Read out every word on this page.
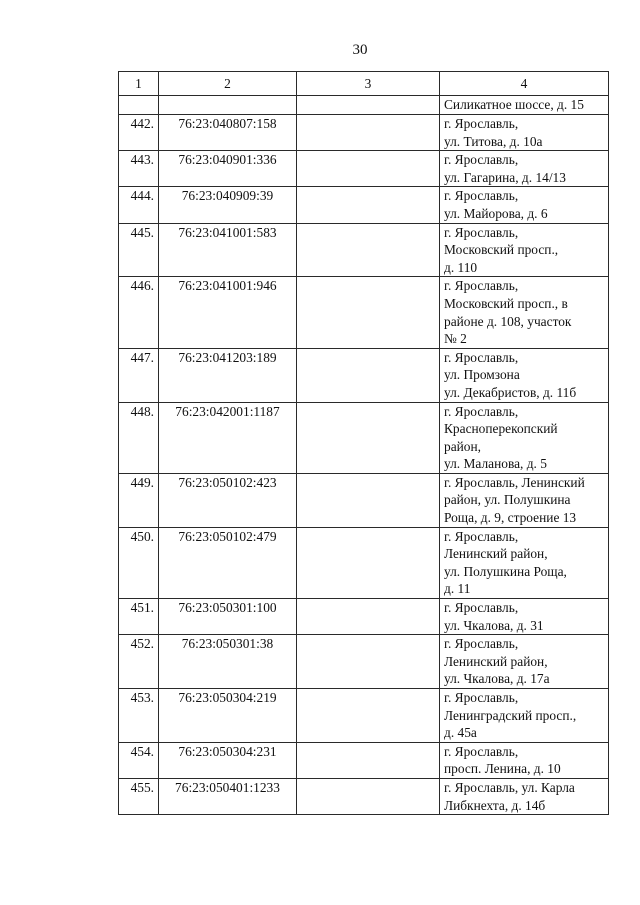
30
1	2	3	4
			Силикатное шоссе, д. 15
442.	76:23:040807:158		г. Ярославль,
ул. Титова, д. 10а
443.	76:23:040901:336		г. Ярославль,
ул. Гагарина, д. 14/13
444.	76:23:040909:39		г. Ярославль,
ул. Майорова, д. 6
445.	76:23:041001:583		г. Ярославль,
Московский просп.,
д. 110
446.	76:23:041001:946		г. Ярославль,
Московский просп., в
районе д. 108, участок
№ 2
447.	76:23:041203:189		г. Ярославль,
ул. Промзона
ул. Декабристов, д. 11б
448.	76:23:042001:1187		г. Ярославль,
Краснoперекопский
район,
ул. Маланова, д. 5
449.	76:23:050102:423		г. Ярославль, Ленинский
район, ул. Полушкина
Роща, д. 9, строение 13
450.	76:23:050102:479		г. Ярославль,
Ленинский район,
ул. Полушкина Роща,
д. 11
451.	76:23:050301:100		г. Ярославль,
ул. Чкалова, д. 31
452.	76:23:050301:38		г. Ярославль,
Ленинский район,
ул. Чкалова, д. 17а
453.	76:23:050304:219		г. Ярославль,
Ленинградский просп.,
д. 45а
454.	76:23:050304:231		г. Ярославль,
просп. Ленина, д. 10
455.	76:23:050401:1233		г. Ярославль, ул. Карла
Либкнехта, д. 14б
